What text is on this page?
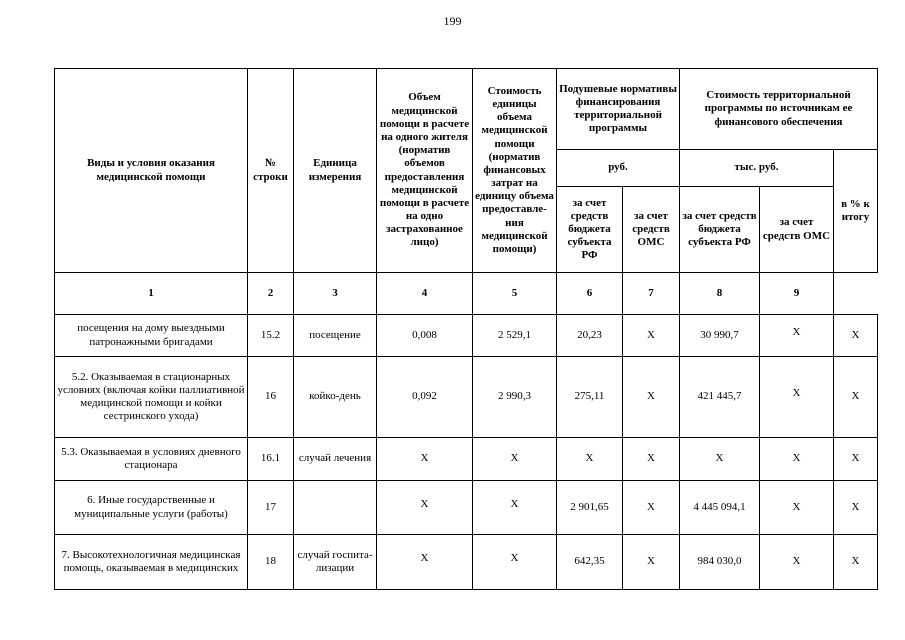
199
Виды и условия оказания медицинской помощи	№ строки	Единица измерения	Объем медицинской помощи в расчете на одного жителя (норматив объемов предоставления медицинской помощи в расчете на одно застрахованное лицо)	Стоимость единицы объема медицинской помощи (норматив финансовых затрат на единицу объема предоставле-ния медицинской помощи)	Подушевые нормативы финансирования территориальной программы		Стоимость территориальной программы по источникам ее финансового обеспечения		
					руб.		тыс. руб.		в % к итогу
					за счет средств бюджета субъекта РФ	за счет средств ОМС	за счет средств бюджета субъекта РФ	за счет средств ОМС	
1	2	3	4	5	6	7	8	9	
посещения на дому выездными патронажными бригадами	15.2	посещение	0,008	2 529,1	20,23	X	30 990,7	X	X
5.2. Оказываемая в стационарных условиях (включая койки паллиативной медицинской помощи и койки сестринского ухода)	16	койко-день	0,092	2 990,3	275,11	X	421 445,7	X	X
5.3. Оказываемая в условиях дневного стационара	16.1	случай лечения	X	X	X	X	X	X	X
6. Иные государственные и муниципальные услуги (работы)	17		X	X	2 901,65	X	4 445 094,1	X	X
7. Высокотехнологичная медицинская помощь, оказываемая в медицинских	18	случай госпита-лизации	X	X	642,35	X	984 030,0	X	X
